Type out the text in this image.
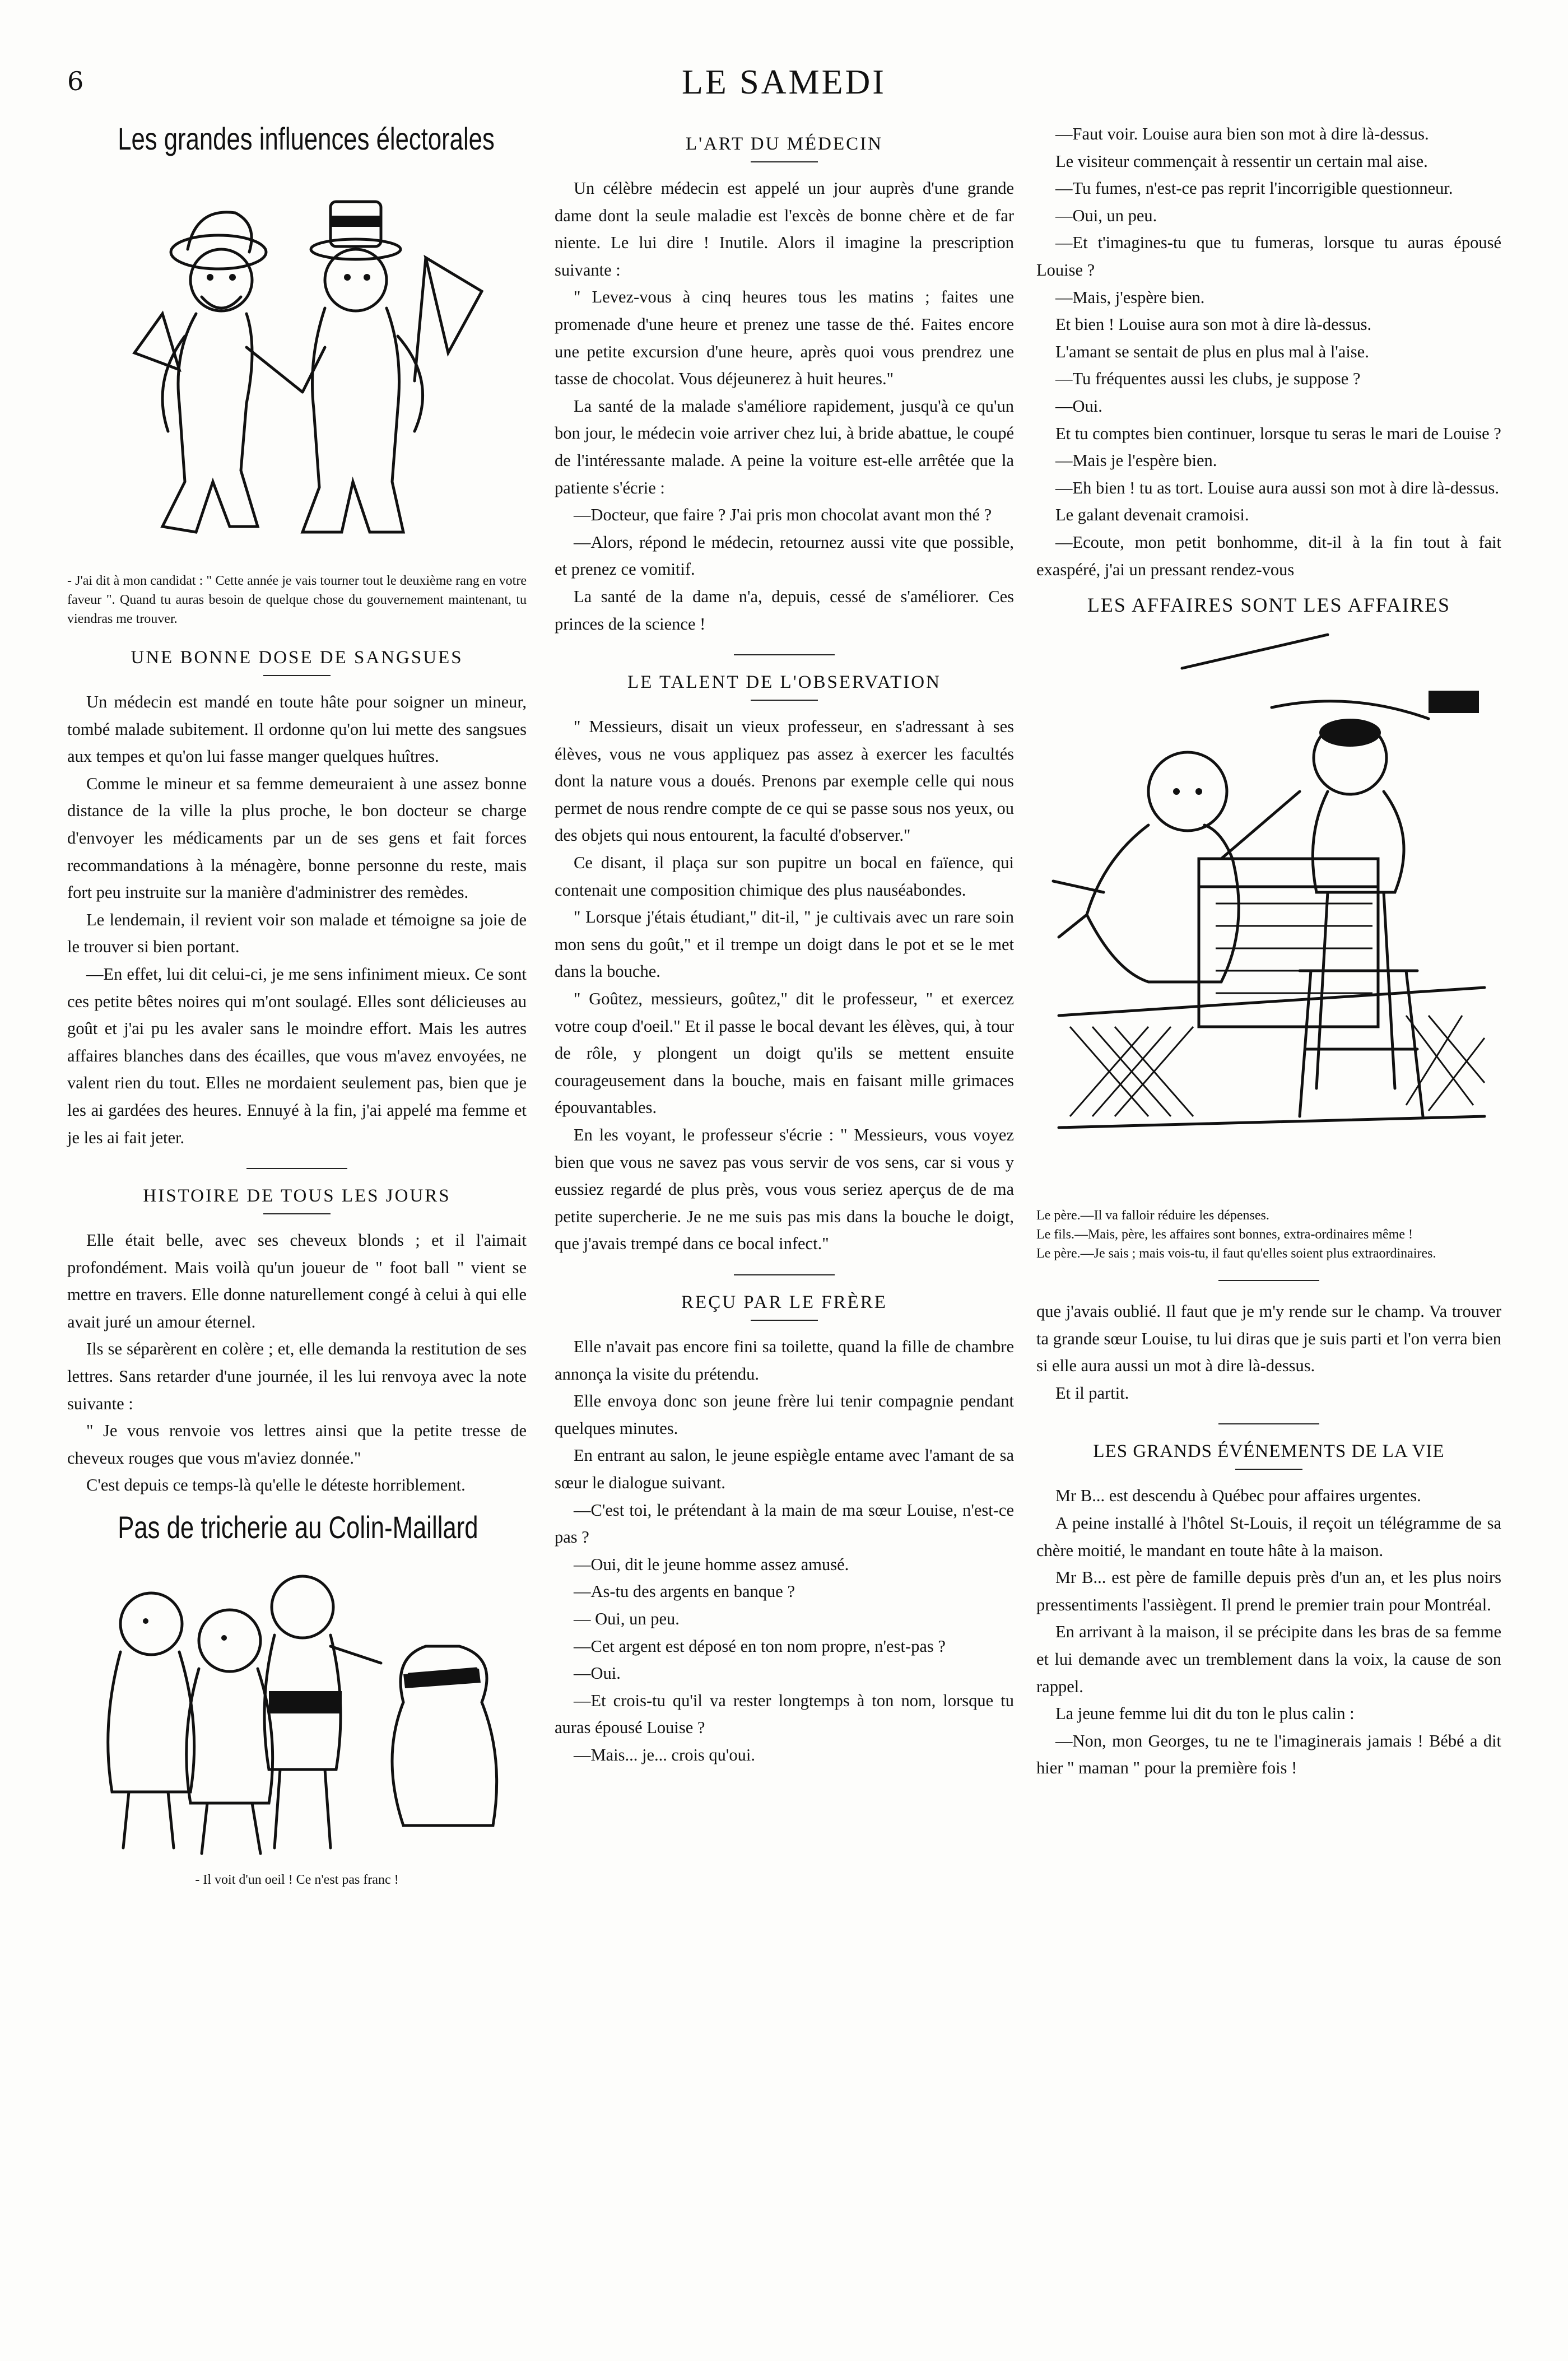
6	LE SAMEDI
Les grandes influences électorales
- J'ai dit à mon candidat : " Cette année je vais tourner tout le deuxième rang en votre faveur ". Quand tu auras besoin de quelque chose du gouvernement maintenant, tu viendras me trouver.
UNE BONNE DOSE DE SANGSUES

Un médecin est mandé en toute hâte pour soigner un mineur, tombé malade subitement. Il ordonne qu'on lui mette des sangsues aux tempes et qu'on lui fasse manger quelques huîtres.

Comme le mineur et sa femme demeuraient à une assez bonne distance de la ville la plus proche, le bon docteur se charge d'envoyer les médicaments par un de ses gens et fait forces recommandations à la ménagère, bonne personne du reste, mais fort peu instruite sur la manière d'administrer des remèdes.

Le lendemain, il revient voir son malade et témoigne sa joie de le trouver si bien portant.

—En effet, lui dit celui-ci, je me sens infiniment mieux. Ce sont ces petite bêtes noires qui m'ont soulagé. Elles sont délicieuses au goût et j'ai pu les avaler sans le moindre effort. Mais les autres affaires blanches dans des écailles, que vous m'avez envoyées, ne valent rien du tout. Elles ne mordaient seulement pas, bien que je les ai gardées des heures. Ennuyé à la fin, j'ai appelé ma femme et je les ai fait jeter.

HISTOIRE DE TOUS LES JOURS

Elle était belle, avec ses cheveux blonds ; et il l'aimait profondément. Mais voilà qu'un joueur de " foot ball " vient se mettre en travers. Elle donne naturellement congé à celui à qui elle avait juré un amour éternel.

Ils se séparèrent en colère ; et, elle demanda la restitution de ses lettres. Sans retarder d'une journée, il les lui renvoya avec la note suivante :

" Je vous renvoie vos lettres ainsi que la petite tresse de cheveux rouges que vous m'aviez donnée."

C'est depuis ce temps-là qu'elle le déteste horriblement.

Pas de tricherie au Colin-Maillard
- Il voit d'un oeil ! Ce n'est pas franc !
L'ART DU MÉDECIN

Un célèbre médecin est appelé un jour auprès d'une grande dame dont la seule maladie est l'excès de bonne chère et de far niente. Le lui dire ! Inutile. Alors il imagine la prescription suivante :

" Levez-vous à cinq heures tous les matins ; faites une promenade d'une heure et prenez une tasse de thé. Faites encore une petite excursion d'une heure, après quoi vous prendrez une tasse de chocolat. Vous déjeunerez à huit heures."

La santé de la malade s'améliore rapidement, jusqu'à ce qu'un bon jour, le médecin voie arriver chez lui, à bride abattue, le coupé de l'intéressante malade. A peine la voiture est-elle arrêtée que la patiente s'écrie :

—Docteur, que faire ? J'ai pris mon chocolat avant mon thé ?

—Alors, répond le médecin, retournez aussi vite que possible, et prenez ce vomitif.

La santé de la dame n'a, depuis, cessé de s'améliorer. Ces princes de la science !

LE TALENT DE L'OBSERVATION

" Messieurs, disait un vieux professeur, en s'adressant à ses élèves, vous ne vous appliquez pas assez à exercer les facultés dont la nature vous a doués. Prenons par exemple celle qui nous permet de nous rendre compte de ce qui se passe sous nos yeux, ou des objets qui nous entourent, la faculté d'observer."

Ce disant, il plaça sur son pupitre un bocal en faïence, qui contenait une composition chimique des plus nauséabondes.

" Lorsque j'étais étudiant," dit-il, " je cultivais avec un rare soin mon sens du goût," et il trempe un doigt dans le pot et se le met dans la bouche.

" Goûtez, messieurs, goûtez," dit le professeur, " et exercez votre coup d'oeil." Et il passe le bocal devant les élèves, qui, à tour de rôle, y plongent un doigt qu'ils se mettent ensuite courageusement dans la bouche, mais en faisant mille grimaces épouvantables.

En les voyant, le professeur s'écrie : " Messieurs, vous voyez bien que vous ne savez pas vous servir de vos sens, car si vous y eussiez regardé de plus près, vous vous seriez aperçus de de ma petite supercherie. Je ne me suis pas mis dans la bouche le doigt, que j'avais trempé dans ce bocal infect."

REÇU PAR LE FRÈRE

Elle n'avait pas encore fini sa toilette, quand la fille de chambre annonça la visite du prétendu.

Elle envoya donc son jeune frère lui tenir compagnie pendant quelques minutes.

En entrant au salon, le jeune espiègle entame avec l'amant de sa sœur le dialogue suivant.

—C'est toi, le prétendant à la main de ma sœur Louise, n'est-ce pas ?

—Oui, dit le jeune homme assez amusé.

—As-tu des argents en banque ?

— Oui, un peu.

—Cet argent est déposé en ton nom propre, n'est-pas ?

—Oui.

—Et crois-tu qu'il va rester longtemps à ton nom, lorsque tu auras épousé Louise ?

—Mais... je... crois qu'oui.

—Faut voir. Louise aura bien son mot à dire là-dessus.

Le visiteur commençait à ressentir un certain mal aise.

—Tu fumes, n'est-ce pas reprit l'incorrigible questionneur.

—Oui, un peu.

—Et t'imagines-tu que tu fumeras, lorsque tu auras épousé Louise ?

—Mais, j'espère bien.

Et bien ! Louise aura son mot à dire là-dessus.

L'amant se sentait de plus en plus mal à l'aise.

—Tu fréquentes aussi les clubs, je suppose ?

—Oui.

Et tu comptes bien continuer, lorsque tu seras le mari de Louise ?

—Mais je l'espère bien.

—Eh bien ! tu as tort. Louise aura aussi son mot à dire là-dessus.

Le galant devenait cramoisi.

—Ecoute, mon petit bonhomme, dit-il à la fin tout à fait exaspéré, j'ai un pressant rendez-vous

LES AFFAIRES SONT LES AFFAIRES
Le père.—Il va falloir réduire les dépenses.
Le fils.—Mais, père, les affaires sont bonnes, extra-ordinaires même !
Le père.—Je sais ; mais vois-tu, il faut qu'elles soient plus extraordinaires.

que j'avais oublié. Il faut que je m'y rende sur le champ. Va trouver ta grande sœur Louise, tu lui diras que je suis parti et l'on verra bien si elle aura aussi un mot à dire là-dessus.

Et il partit.

LES GRANDS ÉVÉNEMENTS DE LA VIE

Mr B... est descendu à Québec pour affaires urgentes.

A peine installé à l'hôtel St-Louis, il reçoit un télégramme de sa chère moitié, le mandant en toute hâte à la maison.

Mr B... est père de famille depuis près d'un an, et les plus noirs pressentiments l'assiègent. Il prend le premier train pour Montréal.

En arrivant à la maison, il se précipite dans les bras de sa femme et lui demande avec un tremblement dans la voix, la cause de son rappel.

La jeune femme lui dit du ton le plus calin :

—Non, mon Georges, tu ne te l'imaginerais jamais ! Bébé a dit hier " maman " pour la première fois !
